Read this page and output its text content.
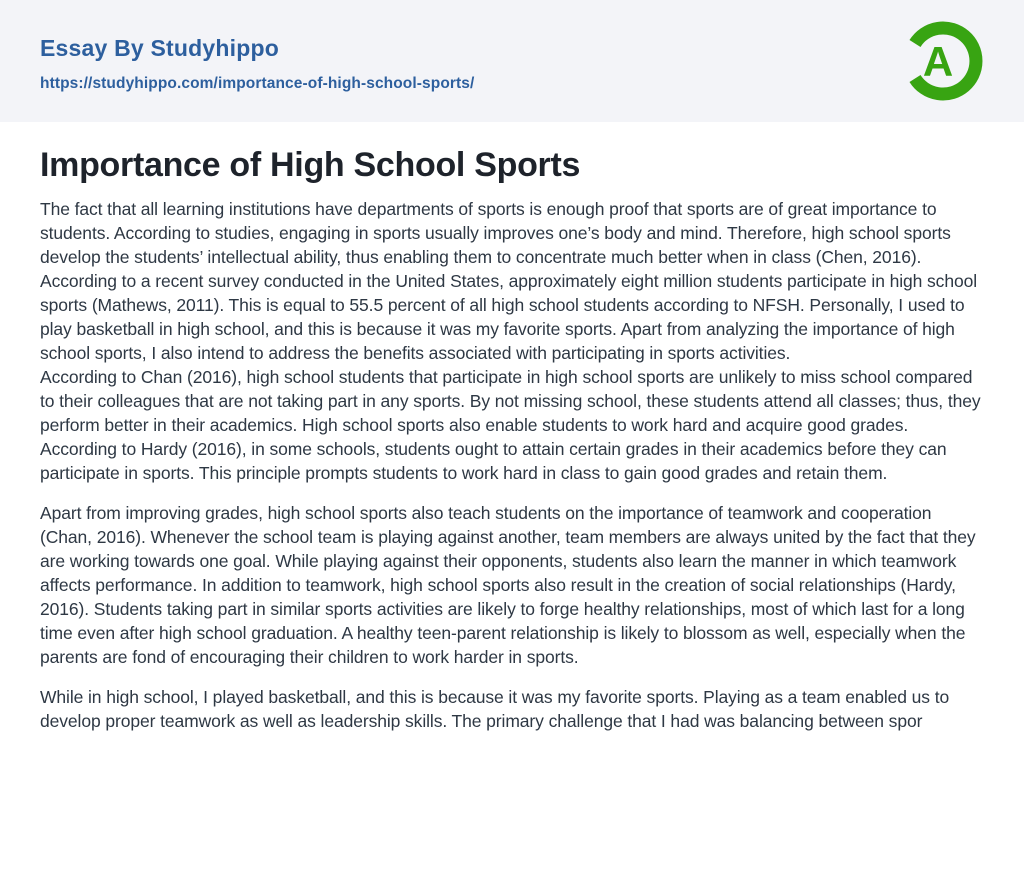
Essay By Studyhippo
https://studyhippo.com/importance-of-high-school-sports/	A
Importance of High School Sports

The fact that all learning institutions have departments of sports is enough proof that sports are of great importance to students. According to studies, engaging in sports usually improves one’s body and mind. Therefore, high school sports develop the students’ intellectual ability, thus enabling them to concentrate much better when in class (Chen, 2016). According to a recent survey conducted in the United States, approximately eight million students participate in high school sports (Mathews, 2011). This is equal to 55.5 percent of all high school students according to NFSH. Personally, I used to play basketball in high school, and this is because it was my favorite sports. Apart from analyzing the importance of high school sports, I also intend to address the benefits associated with participating in sports activities.

According to Chan (2016), high school students that participate in high school sports are unlikely to miss school compared to their colleagues that are not taking part in any sports. By not missing school, these students attend all classes; thus, they perform better in their academics. High school sports also enable students to work hard and acquire good grades. According to Hardy (2016), in some schools, students ought to attain certain grades in their academics before they can participate in sports. This principle prompts students to work hard in class to gain good grades and retain them.

Apart from improving grades, high school sports also teach students on the importance of teamwork and cooperation (Chan, 2016). Whenever the school team is playing against another, team members are always united by the fact that they are working towards one goal. While playing against their opponents, students also learn the manner in which teamwork affects performance. In addition to teamwork, high school sports also result in the creation of social relationships (Hardy, 2016). Students taking part in similar sports activities are likely to forge healthy relationships, most of which last for a long time even after high school graduation. A healthy teen-parent relationship is likely to blossom as well, especially when the parents are fond of encouraging their children to work harder in sports.

While in high school, I played basketball, and this is because it was my favorite sports. Playing as a team enabled us to develop proper teamwork as well as leadership skills. The primary challenge that I had was balancing between spor
